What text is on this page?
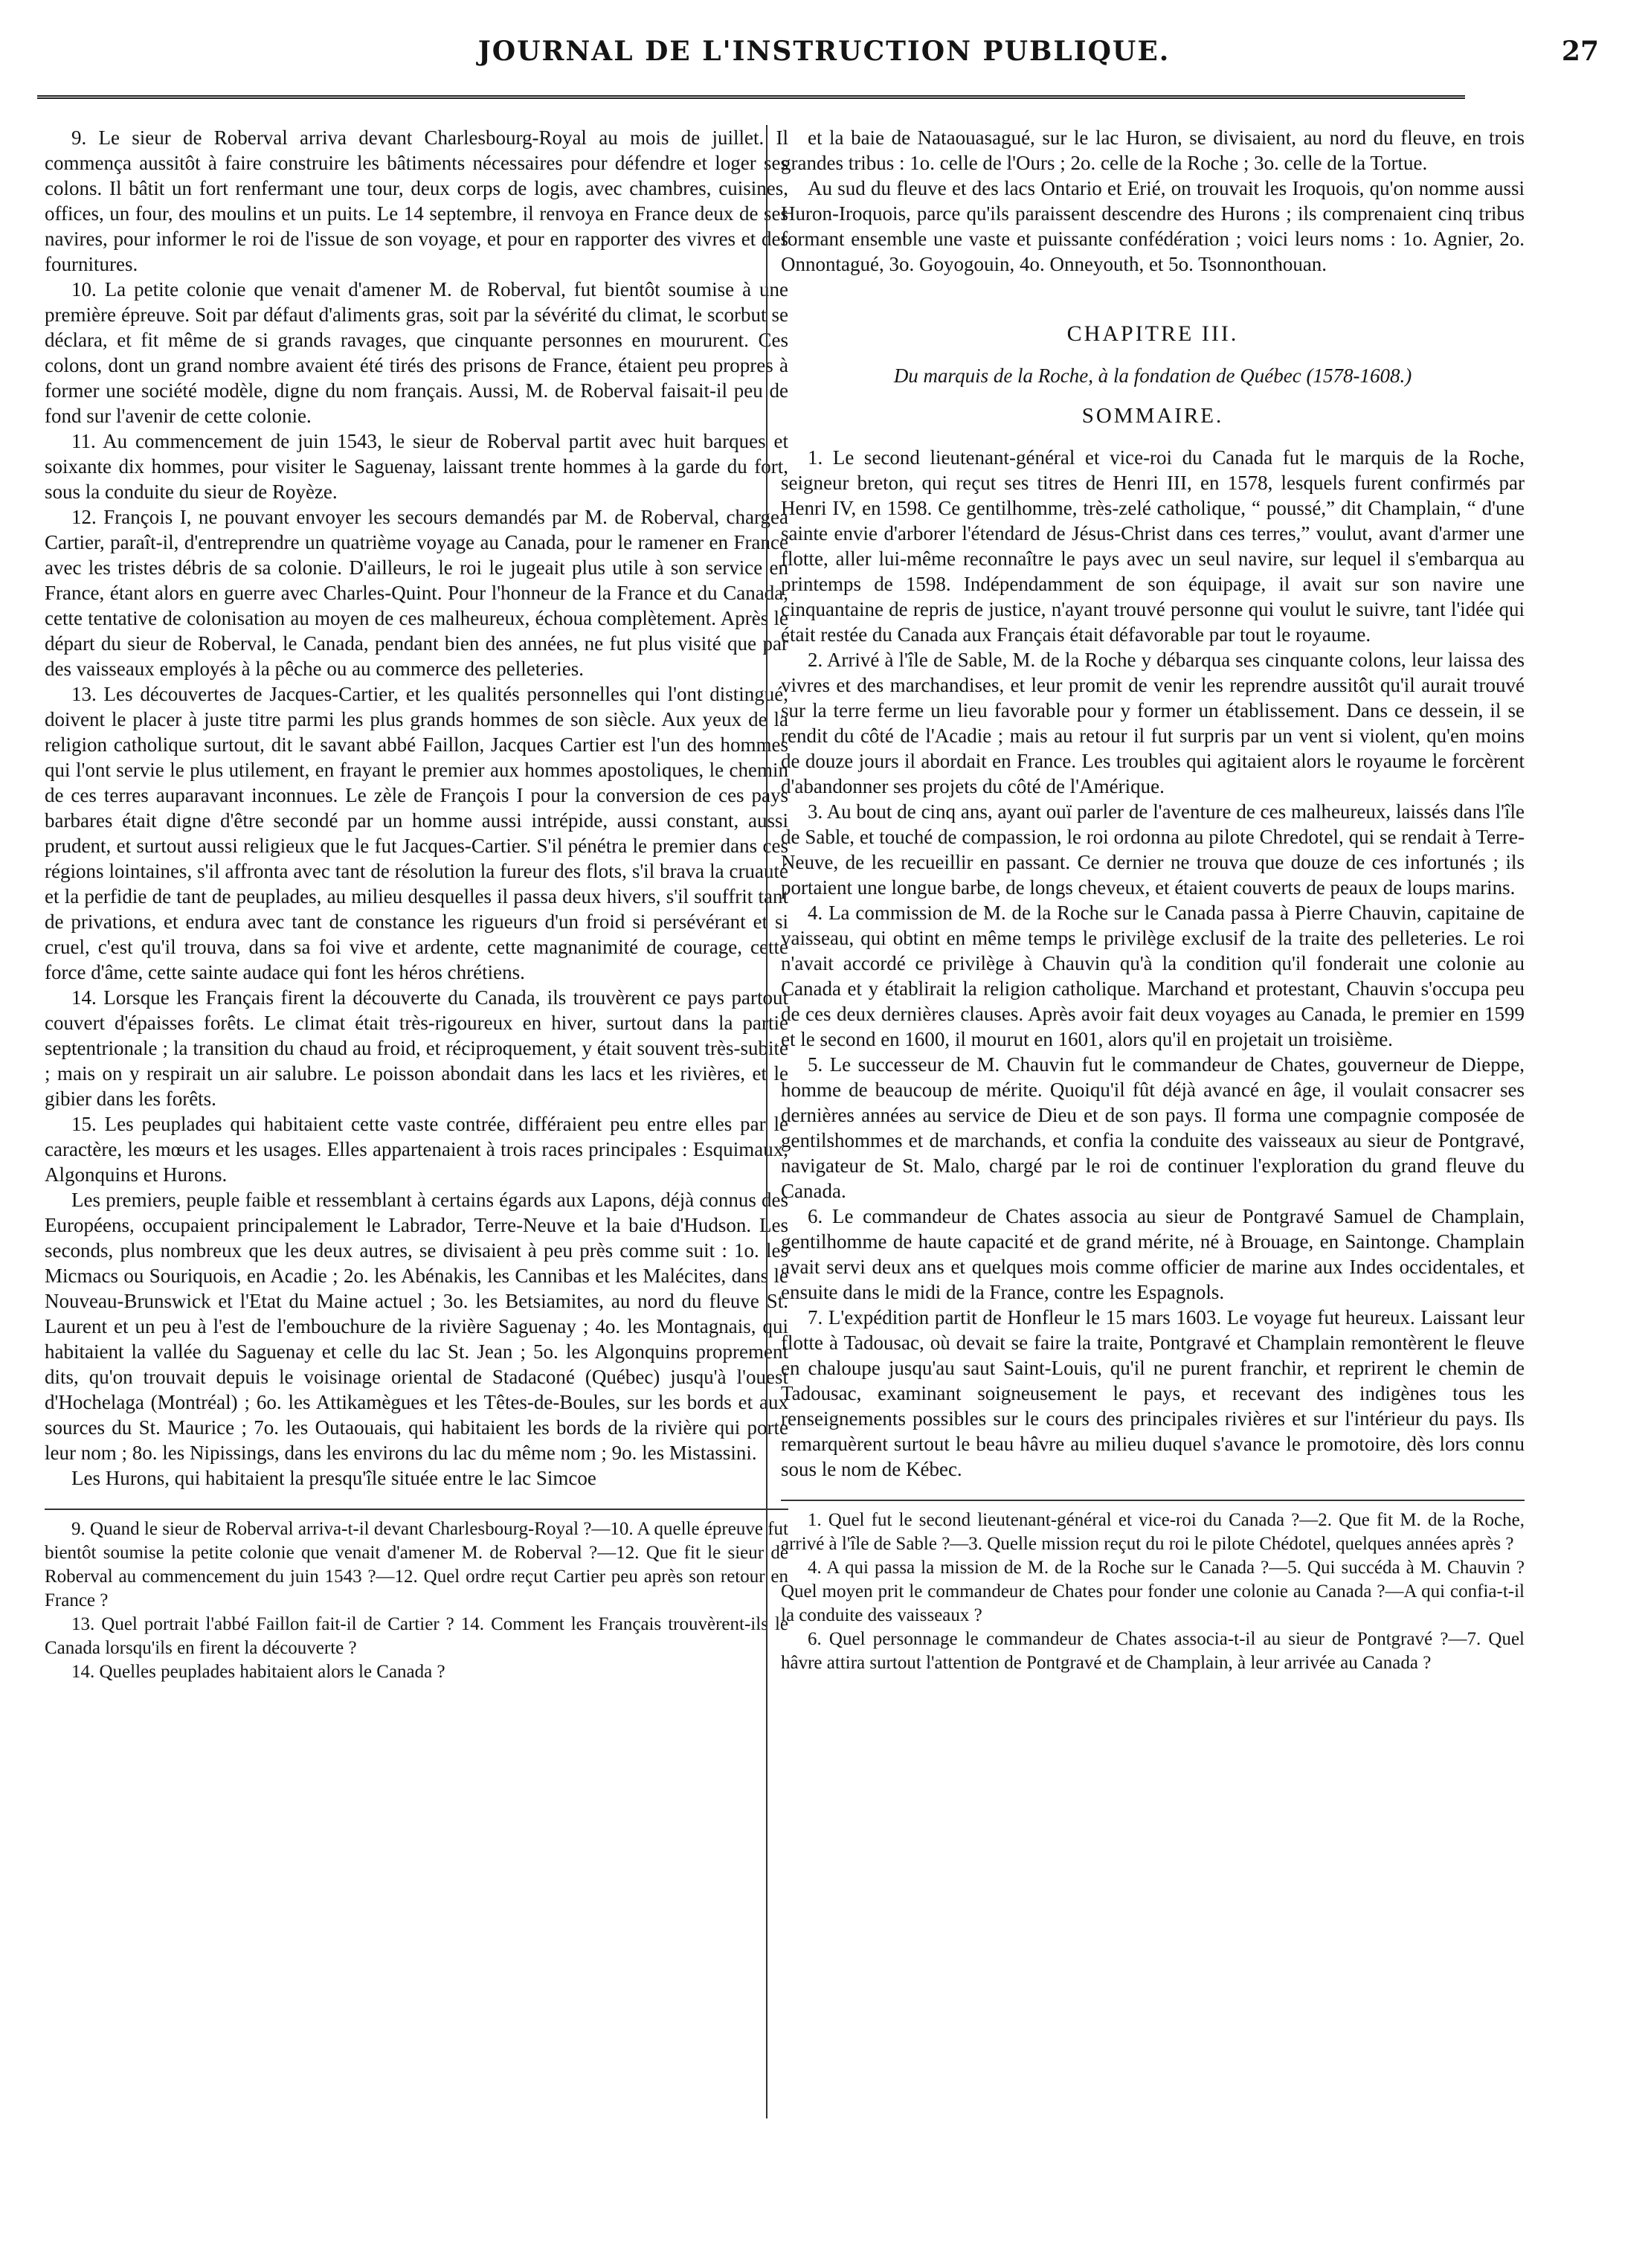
JOURNAL DE L'INSTRUCTION PUBLIQUE.	27

9. Le sieur de Roberval arriva devant Charlesbourg-Royal au mois de juillet. Il commença aussitôt à faire construire les bâtiments nécessaires pour défendre et loger ses colons. Il bâtit un fort renfermant une tour, deux corps de logis, avec chambres, cuisines, offices, un four, des moulins et un puits. Le 14 septembre, il renvoya en France deux de ses navires, pour informer le roi de l'issue de son voyage, et pour en rapporter des vivres et des fournitures.

10. La petite colonie que venait d'amener M. de Roberval, fut bientôt soumise à une première épreuve. Soit par défaut d'aliments gras, soit par la sévérité du climat, le scorbut se déclara, et fit même de si grands ravages, que cinquante personnes en moururent. Ces colons, dont un grand nombre avaient été tirés des prisons de France, étaient peu propres à former une société modèle, digne du nom français. Aussi, M. de Roberval faisait-il peu de fond sur l'avenir de cette colonie.

11. Au commencement de juin 1543, le sieur de Roberval partit avec huit barques et soixante dix hommes, pour visiter le Saguenay, laissant trente hommes à la garde du fort, sous la conduite du sieur de Royèze.

12. François I, ne pouvant envoyer les secours demandés par M. de Roberval, chargea Cartier, paraît-il, d'entreprendre un quatrième voyage au Canada, pour le ramener en France avec les tristes débris de sa colonie. D'ailleurs, le roi le jugeait plus utile à son service en France, étant alors en guerre avec Charles-Quint. Pour l'honneur de la France et du Canada, cette tentative de colonisation au moyen de ces malheureux, échoua complètement. Après le départ du sieur de Roberval, le Canada, pendant bien des années, ne fut plus visité que par des vaisseaux employés à la pêche ou au commerce des pelleteries.

13. Les découvertes de Jacques-Cartier, et les qualités personnelles qui l'ont distingué, doivent le placer à juste titre parmi les plus grands hommes de son siècle. Aux yeux de la religion catholique surtout, dit le savant abbé Faillon, Jacques Cartier est l'un des hommes qui l'ont servie le plus utilement, en frayant le premier aux hommes apostoliques, le chemin de ces terres auparavant inconnues. Le zèle de François I pour la conversion de ces pays barbares était digne d'être secondé par un homme aussi intrépide, aussi constant, aussi prudent, et surtout aussi religieux que le fut Jacques-Cartier. S'il pénétra le premier dans ces régions lointaines, s'il affronta avec tant de résolution la fureur des flots, s'il brava la cruauté et la perfidie de tant de peuplades, au milieu desquelles il passa deux hivers, s'il souffrit tant de privations, et endura avec tant de constance les rigueurs d'un froid si persévérant et si cruel, c'est qu'il trouva, dans sa foi vive et ardente, cette magnanimité de courage, cette force d'âme, cette sainte audace qui font les héros chrétiens.

14. Lorsque les Français firent la découverte du Canada, ils trouvèrent ce pays partout couvert d'épaisses forêts. Le climat était très-rigoureux en hiver, surtout dans la partie septentrionale ; la transition du chaud au froid, et réciproquement, y était souvent très-subite ; mais on y respirait un air salubre. Le poisson abondait dans les lacs et les rivières, et le gibier dans les forêts.

15. Les peuplades qui habitaient cette vaste contrée, différaient peu entre elles par le caractère, les mœurs et les usages. Elles appartenaient à trois races principales : Esquimaux, Algonquins et Hurons.

Les premiers, peuple faible et ressemblant à certains égards aux Lapons, déjà connus des Européens, occupaient principalement le Labrador, Terre-Neuve et la baie d'Hudson. Les seconds, plus nombreux que les deux autres, se divisaient à peu près comme suit : 1o. les Micmacs ou Souriquois, en Acadie ; 2o. les Abénakis, les Cannibas et les Malécites, dans le Nouveau-Brunswick et l'Etat du Maine actuel ; 3o. les Betsiamites, au nord du fleuve St. Laurent et un peu à l'est de l'embouchure de la rivière Saguenay ; 4o. les Montagnais, qui habitaient la vallée du Saguenay et celle du lac St. Jean ; 5o. les Algonquins proprement dits, qu'on trouvait depuis le voisinage oriental de Stadaconé (Québec) jusqu'à l'ouest d'Hochelaga (Montréal) ; 6o. les Attikamègues et les Têtes-de-Boules, sur les bords et aux sources du St. Maurice ; 7o. les Outaouais, qui habitaient les bords de la rivière qui porte leur nom ; 8o. les Nipissings, dans les environs du lac du même nom ; 9o. les Mistassini.

Les Hurons, qui habitaient la presqu'île située entre le lac Simcoe

9. Quand le sieur de Roberval arriva-t-il devant Charlesbourg-Royal ?—10. A quelle épreuve fut bientôt soumise la petite colonie que venait d'amener M. de Roberval ?—12. Que fit le sieur de Roberval au commencement du juin 1543 ?—12. Quel ordre reçut Cartier peu après son retour en France ?

13. Quel portrait l'abbé Faillon fait-il de Cartier ? 14. Comment les Français trouvèrent-ils le Canada lorsqu'ils en firent la découverte ?

14. Quelles peuplades habitaient alors le Canada ?

et la baie de Nataouasagué, sur le lac Huron, se divisaient, au nord du fleuve, en trois grandes tribus : 1o. celle de l'Ours ; 2o. celle de la Roche ; 3o. celle de la Tortue.

Au sud du fleuve et des lacs Ontario et Erié, on trouvait les Iroquois, qu'on nomme aussi Huron-Iroquois, parce qu'ils paraissent descendre des Hurons ; ils comprenaient cinq tribus formant ensemble une vaste et puissante confédération ; voici leurs noms : 1o. Agnier, 2o. Onnontagué, 3o. Goyogouin, 4o. Onneyouth, et 5o. Tsonnonthouan.

CHAPITRE III.
Du marquis de la Roche, à la fondation de Québec (1578-1608.)
SOMMAIRE.

1. Le second lieutenant-général et vice-roi du Canada fut le marquis de la Roche, seigneur breton, qui reçut ses titres de Henri III, en 1578, lesquels furent confirmés par Henri IV, en 1598. Ce gentilhomme, très-zelé catholique, “ poussé,” dit Champlain, “ d'une sainte envie d'arborer l'étendard de Jésus-Christ dans ces terres,” voulut, avant d'armer une flotte, aller lui-même reconnaître le pays avec un seul navire, sur lequel il s'embarqua au printemps de 1598. Indépendamment de son équipage, il avait sur son navire une cinquantaine de repris de justice, n'ayant trouvé personne qui voulut le suivre, tant l'idée qui était restée du Canada aux Français était défavorable par tout le royaume.

2. Arrivé à l'île de Sable, M. de la Roche y débarqua ses cinquante colons, leur laissa des vivres et des marchandises, et leur promit de venir les reprendre aussitôt qu'il aurait trouvé sur la terre ferme un lieu favorable pour y former un établissement. Dans ce dessein, il se rendit du côté de l'Acadie ; mais au retour il fut surpris par un vent si violent, qu'en moins de douze jours il abordait en France. Les troubles qui agitaient alors le royaume le forcèrent d'abandonner ses projets du côté de l'Amérique.

3. Au bout de cinq ans, ayant ouï parler de l'aventure de ces malheureux, laissés dans l'île de Sable, et touché de compassion, le roi ordonna au pilote Chredotel, qui se rendait à Terre-Neuve, de les recueillir en passant. Ce dernier ne trouva que douze de ces infortunés ; ils portaient une longue barbe, de longs cheveux, et étaient couverts de peaux de loups marins.

4. La commission de M. de la Roche sur le Canada passa à Pierre Chauvin, capitaine de vaisseau, qui obtint en même temps le privilège exclusif de la traite des pelleteries. Le roi n'avait accordé ce privilège à Chauvin qu'à la condition qu'il fonderait une colonie au Canada et y établirait la religion catholique. Marchand et protestant, Chauvin s'occupa peu de ces deux dernières clauses. Après avoir fait deux voyages au Canada, le premier en 1599 et le second en 1600, il mourut en 1601, alors qu'il en projetait un troisième.

5. Le successeur de M. Chauvin fut le commandeur de Chates, gouverneur de Dieppe, homme de beaucoup de mérite. Quoiqu'il fût déjà avancé en âge, il voulait consacrer ses dernières années au service de Dieu et de son pays. Il forma une compagnie composée de gentilshommes et de marchands, et confia la conduite des vaisseaux au sieur de Pontgravé, navigateur de St. Malo, chargé par le roi de continuer l'exploration du grand fleuve du Canada.

6. Le commandeur de Chates associa au sieur de Pontgravé Samuel de Champlain, gentilhomme de haute capacité et de grand mérite, né à Brouage, en Saintonge. Champlain avait servi deux ans et quelques mois comme officier de marine aux Indes occidentales, et ensuite dans le midi de la France, contre les Espagnols.

7. L'expédition partit de Honfleur le 15 mars 1603. Le voyage fut heureux. Laissant leur flotte à Tadousac, où devait se faire la traite, Pontgravé et Champlain remontèrent le fleuve en chaloupe jusqu'au saut Saint-Louis, qu'il ne purent franchir, et reprirent le chemin de Tadousac, examinant soigneusement le pays, et recevant des indigènes tous les renseignements possibles sur le cours des principales rivières et sur l'intérieur du pays. Ils remarquèrent surtout le beau hâvre au milieu duquel s'avance le promotoire, dès lors connu sous le nom de Kébec.

1. Quel fut le second lieutenant-général et vice-roi du Canada ?—2. Que fit M. de la Roche, arrivé à l'île de Sable ?—3. Quelle mission reçut du roi le pilote Chédotel, quelques années après ?

4. A qui passa la mission de M. de la Roche sur le Canada ?—5. Qui succéda à M. Chauvin ? Quel moyen prit le commandeur de Chates pour fonder une colonie au Canada ?—A qui confia-t-il la conduite des vaisseaux ?

6. Quel personnage le commandeur de Chates associa-t-il au sieur de Pontgravé ?—7. Quel hâvre attira surtout l'attention de Pontgravé et de Champlain, à leur arrivée au Canada ?
